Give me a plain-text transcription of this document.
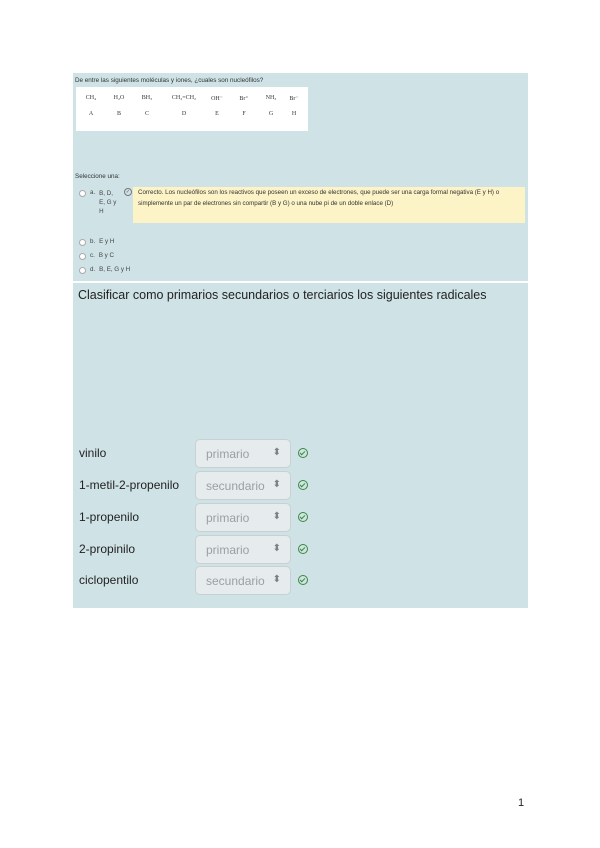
De entre las siguientes moléculas y iones, ¿cuales son nucleófilos?
CH₄	H₂O	BH₃	CH₂=CH₂	OH⁻	Br⁺	NH₃	Br⁻
A	B	C	D	E	F	G	H
Seleccione una:
a. B, D, E, G y H
✓	Correcto. Los nucleófilos son los reactivos que poseen un exceso de electrones, que puede ser una carga formal negativa (E y H) o simplemente un par de electrones sin compartir (B y G) o una nube pi de un doble enlace (D)
b. E y H
c. B y C
d. B, E, G y H
Clasificar como primarios secundarios o terciarios los siguientes radicales
vinilo	primario ⬍
1-metil-2-propenilo secundario ⬍
1-propenilo	primario ⬍
2-propinilo	primario ⬍
ciclopentilo	secundario ⬍
1
